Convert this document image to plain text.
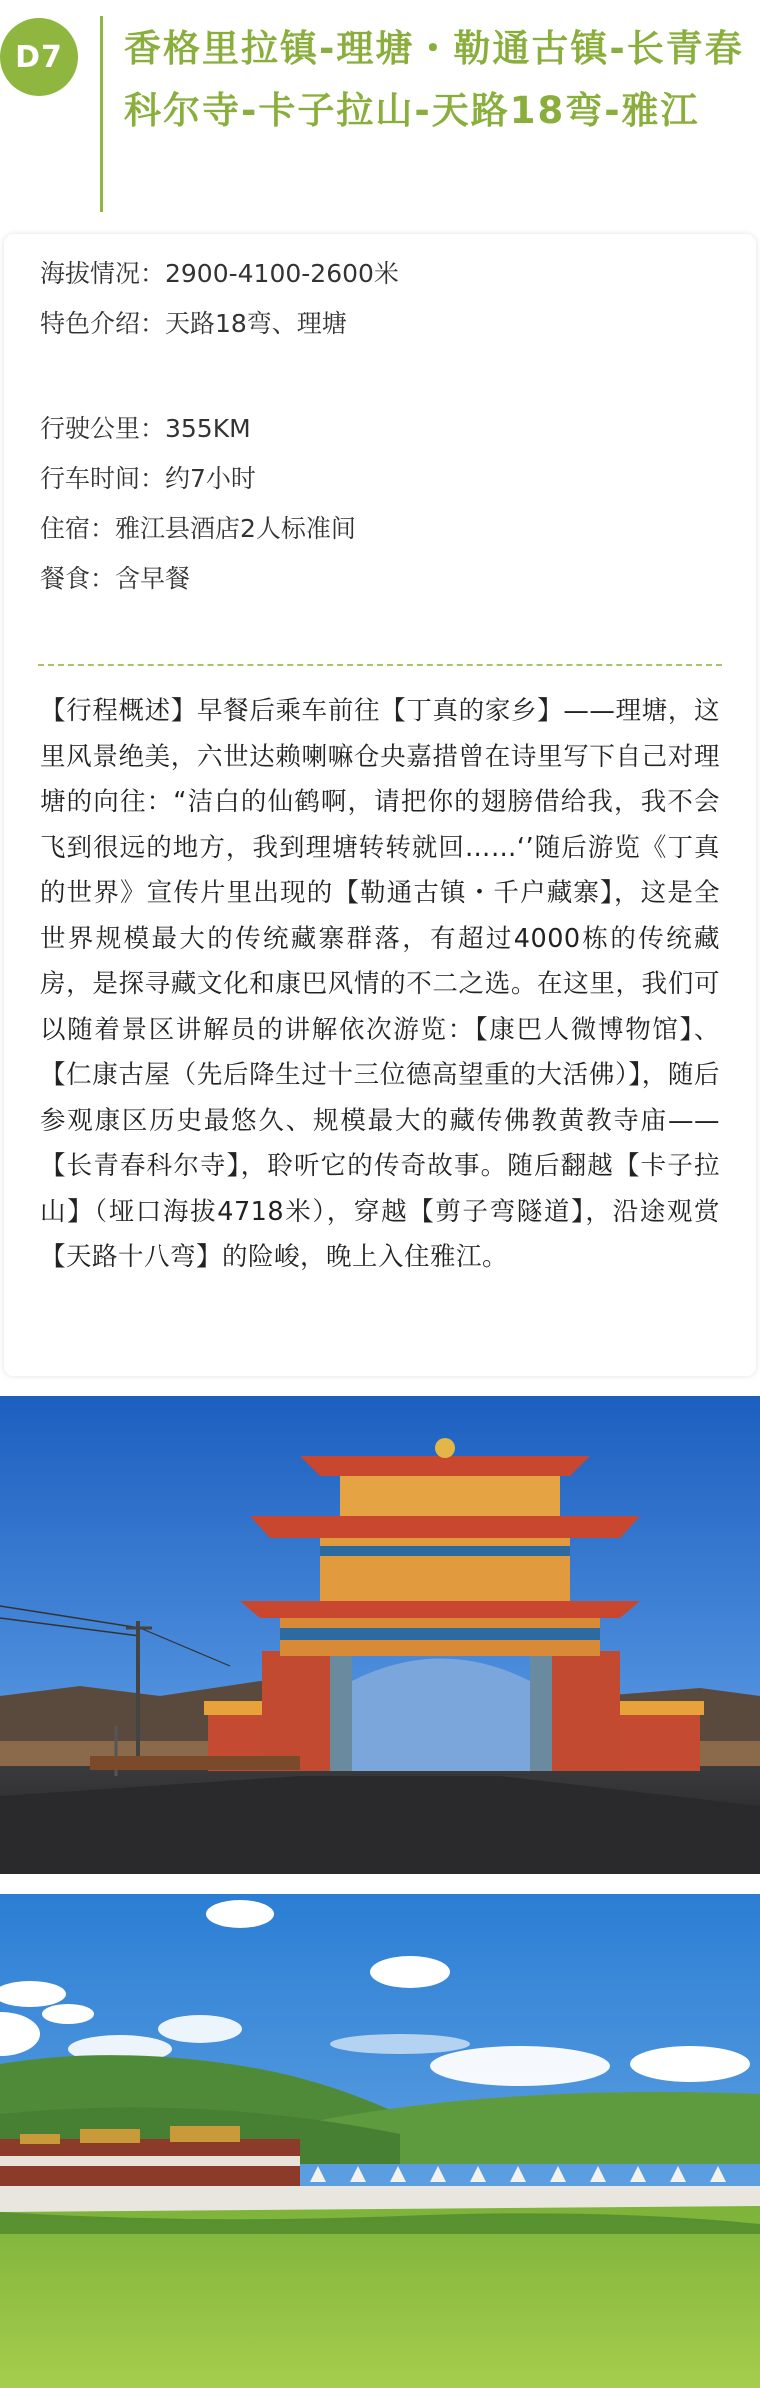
D7	香格里拉镇-理塘・勒通古镇-长青春科尔寺-卡子拉山-天路18弯-雅江
海拔情况：2900-4100-2600米
特色介绍：天路18弯、理塘
行驶公里：355KM
行车时间：约7小时
住宿：雅江县酒店2人标准间
餐食：含早餐
【行程概述】早餐后乘车前往【丁真的家乡】——理塘，这里风景绝美，六世达赖喇嘛仓央嘉措曾在诗里写下自己对理塘的向往：“洁白的仙鹤啊，请把你的翅膀借给我，我不会飞到很远的地方，我到理塘转转就回……‘’随后游览《丁真的世界》宣传片里出现的【勒通古镇・千户藏寨】，这是全世界规模最大的传统藏寨群落，有超过4000栋的传统藏房，是探寻藏文化和康巴风情的不二之选。在这里，我们可以随着景区讲解员的讲解依次游览：【康巴人微博物馆】、【仁康古屋（先后降生过十三位德高望重的大活佛）】，随后参观康区历史最悠久、规模最大的藏传佛教黄教寺庙——【长青春科尔寺】，聆听它的传奇故事。随后翻越【卡子拉山】（垭口海拔4718米），穿越【剪子弯隧道】，沿途观赏【天路十八弯】的险峻，晚上入住雅江。
